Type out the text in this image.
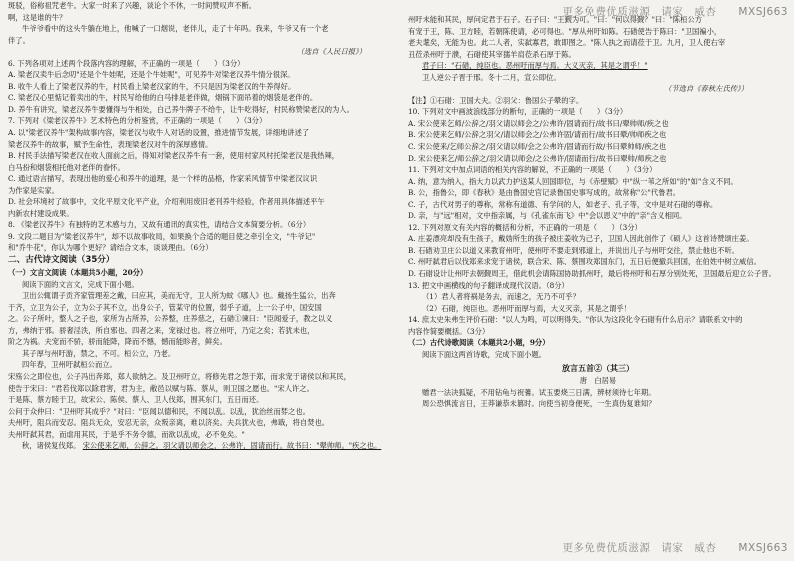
更多免费优质滋源　请家　威杏　　MXSJ663
斑驳，俗称祖咒老牛。大家一时来了兴趣，谈论个不休，一时间赞叹声不断。
啊，这是谁的牛？
牛爷爷看中的这头牛躺在地上，他喊了一口烟说，老伴儿，走了十年吗。我来，牛爷又有一个老
伴了。
（选自《人民日报》）
6. 下列各项对上述两个段落内容的理解，不正确的一项是（　　）（3分）
A. 梁老汉卖牛后念叨"还是个牛娃呢，还是个牛娃呢"，可见养牛对梁老汉养牛情分很深。
B. 收牛人看上了梁老汉养的牛，村民看上梁老汉家的牛，不只是因为梁老汉的牛养得好。
C. 梁老汉心里惦记着卖出的牛，村民写给他的白马排是老伴做，烟锅下面吊着的烟袋是老伴的。
D. 养牛有讲究，梁老汉养牛要懂得与牛相处，白己养牛牌子不给牛，让牛吃得好，村民称赞梁老汉的为人。
7. 下列对《梁老汉养牛》艺术特色的分析鉴赏，不正确的一项是（　　）（3分）
A. 以"梁老汉养牛"架构故事内容，梁老汉与收牛人对话的设置，推进情节发展，详细地讲述了
梁老汉养牛的故事，赋予生命性，表现梁老汉对牛的深厚感情。
B. 村民手法描写梁老汉在收人面前之后，得知对梁老汉养牛有一套，使用村家风村托梁老汉是我热辣，
白马扮和烟袋相托他对老伴的眷怀。
C. 通过语言描写，表现出他的爱心和养牛的道理，是一个样的品格，作家采风情节中梁老汉议识
为作家是实家。
D. 社会环境衬了故事中，文化平原文化平产业，介绍利用废旧老刊养牛经验，作者用具体描述平午
内新农村建设成果。
8. 《梁老汉养牛》有独特的艺术感与力，又故有通讯的真实性，请结合文本简要分析。（6分）
9. 文段二题目为"梁老汉养牛"，却不以故事收局，如果换个合适的题目使之牵引全文，"牛爷记"
和"乔牛花"，你认为哪个更好？请结合文本，谈谈理由。（6分）
二、古代诗文阅读（35分）
（一）文言文阅读（本题共5小题，20分）
阅读下面的文言文，完成下面小题。
卫出公辄谓子贡齐家管理差之戴，曰应其，美而无守，卫人所为蚊《哪人》也。戴扬生猛公，出奔
于齐，立卫为公子，立为公子其不立，出身公子，管某守的位置，弱乎子道，上一公子中，国安国
之。公子所叶，整人之子也，家所为占所养，公养整，庄养慈之，石碏①谏曰："臣闻爱子，教之以义
方，弗纳于邪。骄奢淫泆，所自邪也。四者之来，宠禄过也。将立州吁，乃定之矣；若犹未也，
阶之为祸。夫宠而不骄，骄而能降，降而不憾，憾而能眕者，鲜矣。
其子厚与州吁游，禁之，不可。桓公立，乃老。
四年春，卫州吁弑桓公而立。
宋殇公之即位也，公子冯出奔郑，郑人欲纳之。及卫州吁立，将修先君之怨于郑，而求宠于诸侯以和其民，
使告于宋曰："君若伐郑以除君害，君为主，敝邑以赋与陈、蔡从，则卫国之愿也。"宋人许之。
于是陈、蔡方睦于卫，故宋公、陈侯、蔡人、卫人伐郑，围其东门，五日而还。
公问于众仲曰："卫州吁其成乎？"对曰："臣闻以德和民，不闻以乱。以乱，犹治丝而棼之也。
夫州吁，阻兵而安忍。阻兵无众，安忍无亲，众叛亲离，难以济矣。夫兵犹火也，弗戢，将自焚也。
夫州吁弑其君，而虐用其民，于是乎不务令德，而欲以乱成，必不免矣。"
秋，诸侯复伐郑。 宋公使来乞师，公辞之。羽父请以师会之，公弗许，固请而行。故书曰："翚帅师。"疾之也。
州吁未能和其民，厚问定君于石子。石子曰："王觐为可。"曰："何以得觐？"曰："陈桓公方
有宠于王，陈、卫方睦，若朝陈使请，必可得也。"厚从州吁如陈。石碏使告于陈曰："卫国褊小，
老夫耄矣，无能为也。此二人者，实弑寡君，敢即图之。"陈人执之而请莅于卫。九月，卫人使右宰
丑莅杀州吁于濮，石碏使其宰獳羊肩莅杀石厚于陈。
君子曰："石碏，纯臣也。恶州吁而厚与焉。大义灭亲，其是之谓乎！"
卫人逆公子晋于邢。冬十二月，宣公即位。
（节选自《春秋左氏传》）
【注】①石碏：卫国大夫。②羽父：鲁国公子翚的字。
10. 下列对文中画波浪线部分的断句，正确的一项是（　　）（3分）
A. 宋公使来乞师/公辞之/羽父请以师会之/公弗许/固请而行/故书曰/翚帅师/疾之也
B. 宋公使来乞师/公辞之羽父/请以师会之/公弗许固/请而行/故书曰翚/帅师疾之也
C. 宋公使来/乞师公辞之/羽父请以师/会之公弗许/固请而行故/书曰翚帅师/疾之也
D. 宋公使来乞/师公辞之/羽父请以师会/之公弗许/固请而行/故书曰翚帅/师疾之也
11. 下列对文中加点词语的相关内容的解说，不正确的一项是（　　）（3分）
A. 纳，意为纳入，指大力以武力护送某人回国即位，与《赤壁赋》中"纵一苇之所如"的"如"含义不同。
B. 公，指鲁公，即《春秋》是由鲁国史官记录鲁国史事写成的，故常称"公"代鲁君。
C. 子，古代对男子的尊称，常称有道德、有学问的人，如老子、孔子等，文中是对石碏的尊称。
D. 亲，与"远"相对，文中指亲属，与《孔雀东南飞》中"会以恩义"中的"亲"含义相同。
12. 下列对原文有关内容的概括和分析，不正确的一项是（　　）（3分）
A. 庄姜漂亮却没有生孩子，戴妫所生的孩子被庄姜收为己子，卫国人因此创作了《硕人》这首诗赞颂庄姜。
B. 石碏劝卫庄公以道义来教育州吁，使州吁不要走到邪道上，并说出儿子与州吁交往，禁止他也不听。
C. 州吁弑君后以伐郑来求宠于诸侯，联合宋、陈、蔡围攻郑国东门，五日后便撤兵回国，在伯姓中树立威信。
D. 石碏设计让州吁去朝觐周王，借此机会请陈国协助抓州吁，最后将州吁和石厚分别处死，卫国最后迎立公子晋。
13. 把文中画横线的句子翻译成现代汉语。（8分）
（1）君人者将祸是务去，而速之，无乃不可乎？
（2）石碏，纯臣也。恶州吁而厚与焉，大义灭亲，其是之谓乎！
14. 庶太史朱弗生评价石碏："以人为鸣，可以明得失。"你认为这段化令石碏有什么启示？请联系文中的
内容作简要概括。（3分）
（二）古代诗歌阅读（本题共2小题，9分）
阅读下面这两首诗歌，完成下面小题。
放言五首②（其三）
唐　白居易
赠君一法决狐疑，不用钻龟与祝蓍。试玉要烧三日满，辨材须待七年期。
周公恐惧流言日，王莽谦恭未篡时。向使当初身便死，一生真伪复谁知？
更多免费优质滋源　请家　威杏　　MXSJ663
